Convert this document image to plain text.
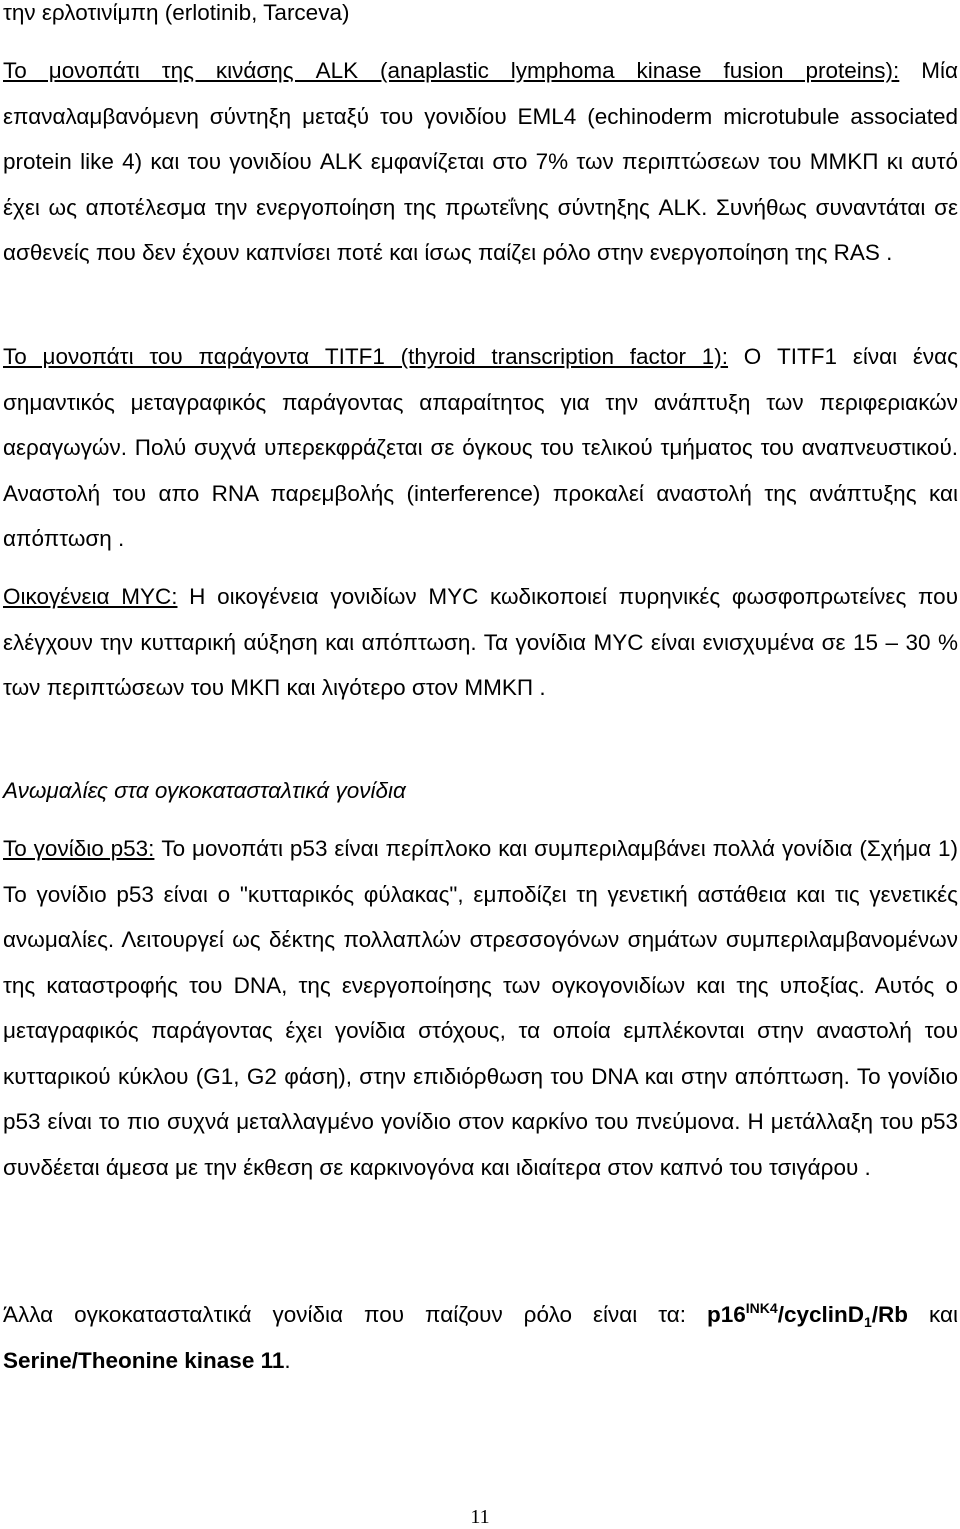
την ερλοτινίμπη (erlotinib, Tarceva)

Το μονοπάτι της κινάσης ALK (anaplastic lymphoma kinase fusion proteins): Μία επαναλαμβανόμενη σύντηξη μεταξύ του γονιδίου EML4 (echinoderm microtubule associated protein like 4) και του γονιδίου ALK εμφανίζεται στο 7% των περιπτώσεων του ΜΜΚΠ κι αυτό έχει ως αποτέλεσμα την ενεργοποίηση της πρωτεΐνης σύντηξης ALK. Συνήθως συναντάται σε ασθενείς που δεν έχουν καπνίσει ποτέ και ίσως παίζει ρόλο στην ενεργοποίηση της RAS .

Το μονοπάτι του παράγοντα TITF1 (thyroid transcription factor 1): Ο TITF1 είναι ένας σημαντικός μεταγραφικός παράγοντας απαραίτητος για την ανάπτυξη των περιφεριακών αεραγωγών. Πολύ συχνά υπερεκφράζεται σε όγκους του τελικού τμήματος του αναπνευστικού. Αναστολή του απο RNA παρεμβολής (interference) προκαλεί αναστολή της ανάπτυξης και απόπτωση .

Οικογένεια MYC: Η οικογένεια γονιδίων MYC κωδικοποιεί πυρηνικές φωσφοπρωτείνες που ελέγχουν την κυτταρική αύξηση και απόπτωση. Τα γονίδια MYC είναι ενισχυμένα σε 15 – 30 % των περιπτώσεων του ΜΚΠ και λιγότερο στον ΜΜΚΠ .

Ανωμαλίες στα ογκοκατασταλτικά γονίδια

Το γονίδιο p53: Το μονοπάτι p53 είναι περίπλοκο και συμπεριλαμβάνει πολλά γονίδια (Σχήμα 1) Το γονίδιο p53 είναι ο "κυτταρικός φύλακας", εμποδίζει τη γενετική αστάθεια και τις γενετικές ανωμαλίες. Λειτουργεί ως δέκτης πολλαπλών στρεσσογόνων σημάτων συμπεριλαμβανομένων της καταστροφής του DNA, της ενεργοποίησης των ογκογονιδίων και της υποξίας. Αυτός ο μεταγραφικός παράγοντας έχει γονίδια στόχους, τα οποία εμπλέκονται στην αναστολή του κυτταρικού κύκλου (G1, G2 φάση), στην επιδιόρθωση του DNA και στην απόπτωση. Το γονίδιο p53 είναι το πιο συχνά μεταλλαγμένο γονίδιο στον καρκίνο του πνεύμονα. Η μετάλλαξη του p53 συνδέεται άμεσα με την έκθεση σε καρκινογόνα και ιδιαίτερα στον καπνό του τσιγάρου .

Άλλα ογκοκατασταλτικά γονίδια που παίζουν ρόλο είναι τα: $p16^{INK4}/cyclinD_1/Rb$ και Serine/Theonine kinase 11.

11
